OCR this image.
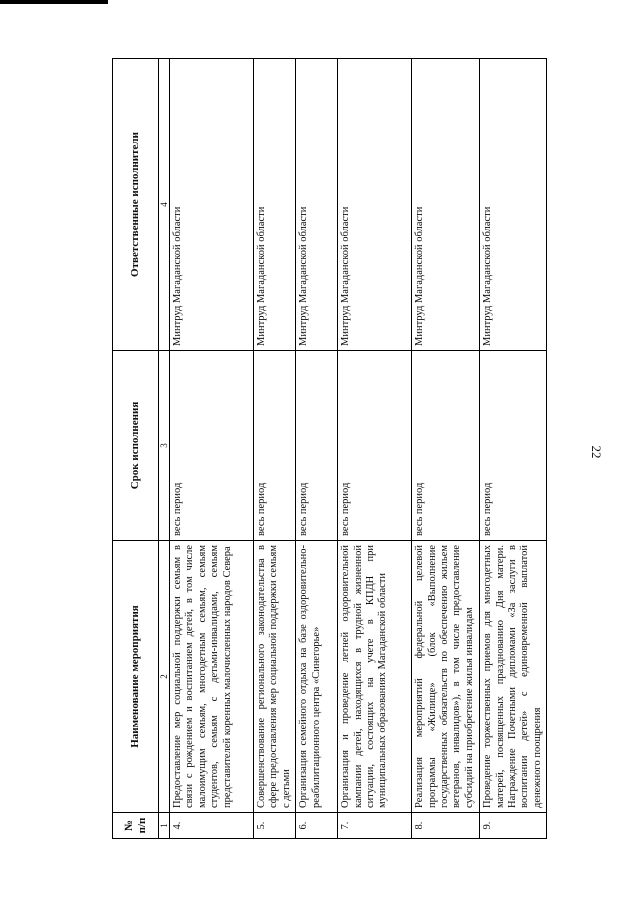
22
№ п/п	Наименование мероприятия	Срок исполнения	Ответственные исполнители
1	2	3	4
4.	Предоставление мер социальной поддержки семьям в связи с рождением и воспитанием детей, в том числе малоимущим семьям, многодетным семьям, семьям студентов, семьям с детьми-инвалидами, семьям представителей коренных малочисленных народов Севера	весь период	Минтруд Магаданской области
5.	Совершенствование регионального законодательства в сфере предоставления мер социальной поддержки семьям с детьми	весь период	Минтруд Магаданской области
6.	Организация семейного отдыха на базе оздоровительно-реабилитационного центра «Синегорье»	весь период	Минтруд Магаданской области
7.	Организация и проведение летней оздоровительной кампании детей, находящихся в трудной жизненной ситуации, состоящих на учете в КПДН при муниципальных образованиях Магаданской области	весь период	Минтруд Магаданской области
8.	Реализация мероприятий федеральной целевой программы «Жилище» (блок «Выполнение государственных обязательств по обеспечению жильем ветеранов, инвалидов»), в том числе предоставление субсидий на приобретение жилья инвалидам	весь период	Минтруд Магаданской области
9.	Проведение торжественных приемов для многодетных матерей, посвященных празднованию Дня матери. Награждение Почетными дипломами «За заслуги в воспитании детей» с единовременной выплатой денежного поощрения	весь период	Минтруд Магаданской области
